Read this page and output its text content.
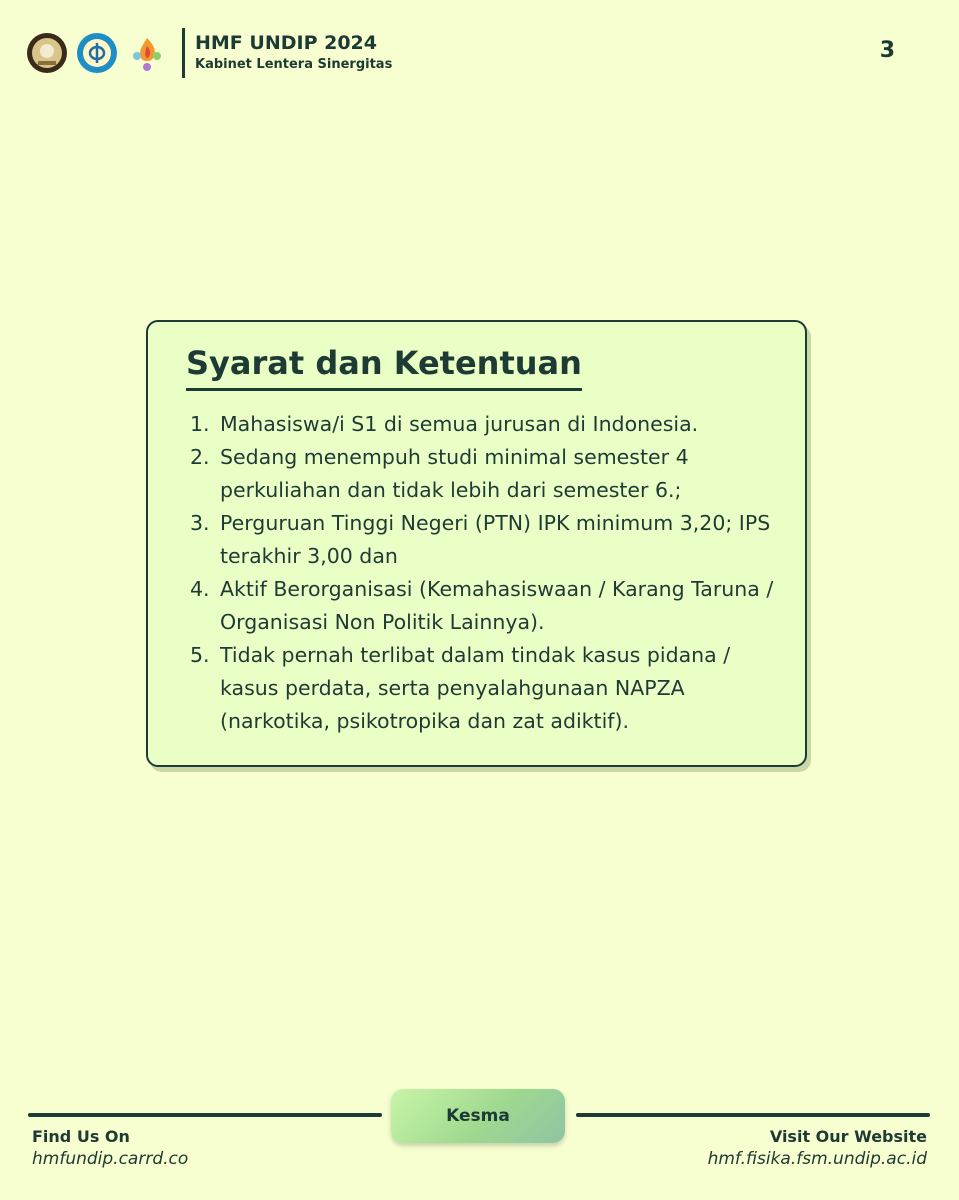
HMF UNDIP 2024
Kabinet Lentera Sinergitas
3
Syarat dan Ketentuan
1. Mahasiswa/i S1 di semua jurusan di Indonesia.
2. Sedang menempuh studi minimal semester 4 perkuliahan dan tidak lebih dari semester 6.;
3. Perguruan Tinggi Negeri (PTN) IPK minimum 3,20; IPS terakhir 3,00 dan
4. Aktif Berorganisasi (Kemahasiswaan / Karang Taruna / Organisasi Non Politik Lainnya).
5. Tidak pernah terlibat dalam tindak kasus pidana / kasus perdata, serta penyalahgunaan NAPZA (narkotika, psikotropika dan zat adiktif).
Kesma
Find Us On
hmfundip.carrd.co
Visit Our Website
hmf.fisika.fsm.undip.ac.id
